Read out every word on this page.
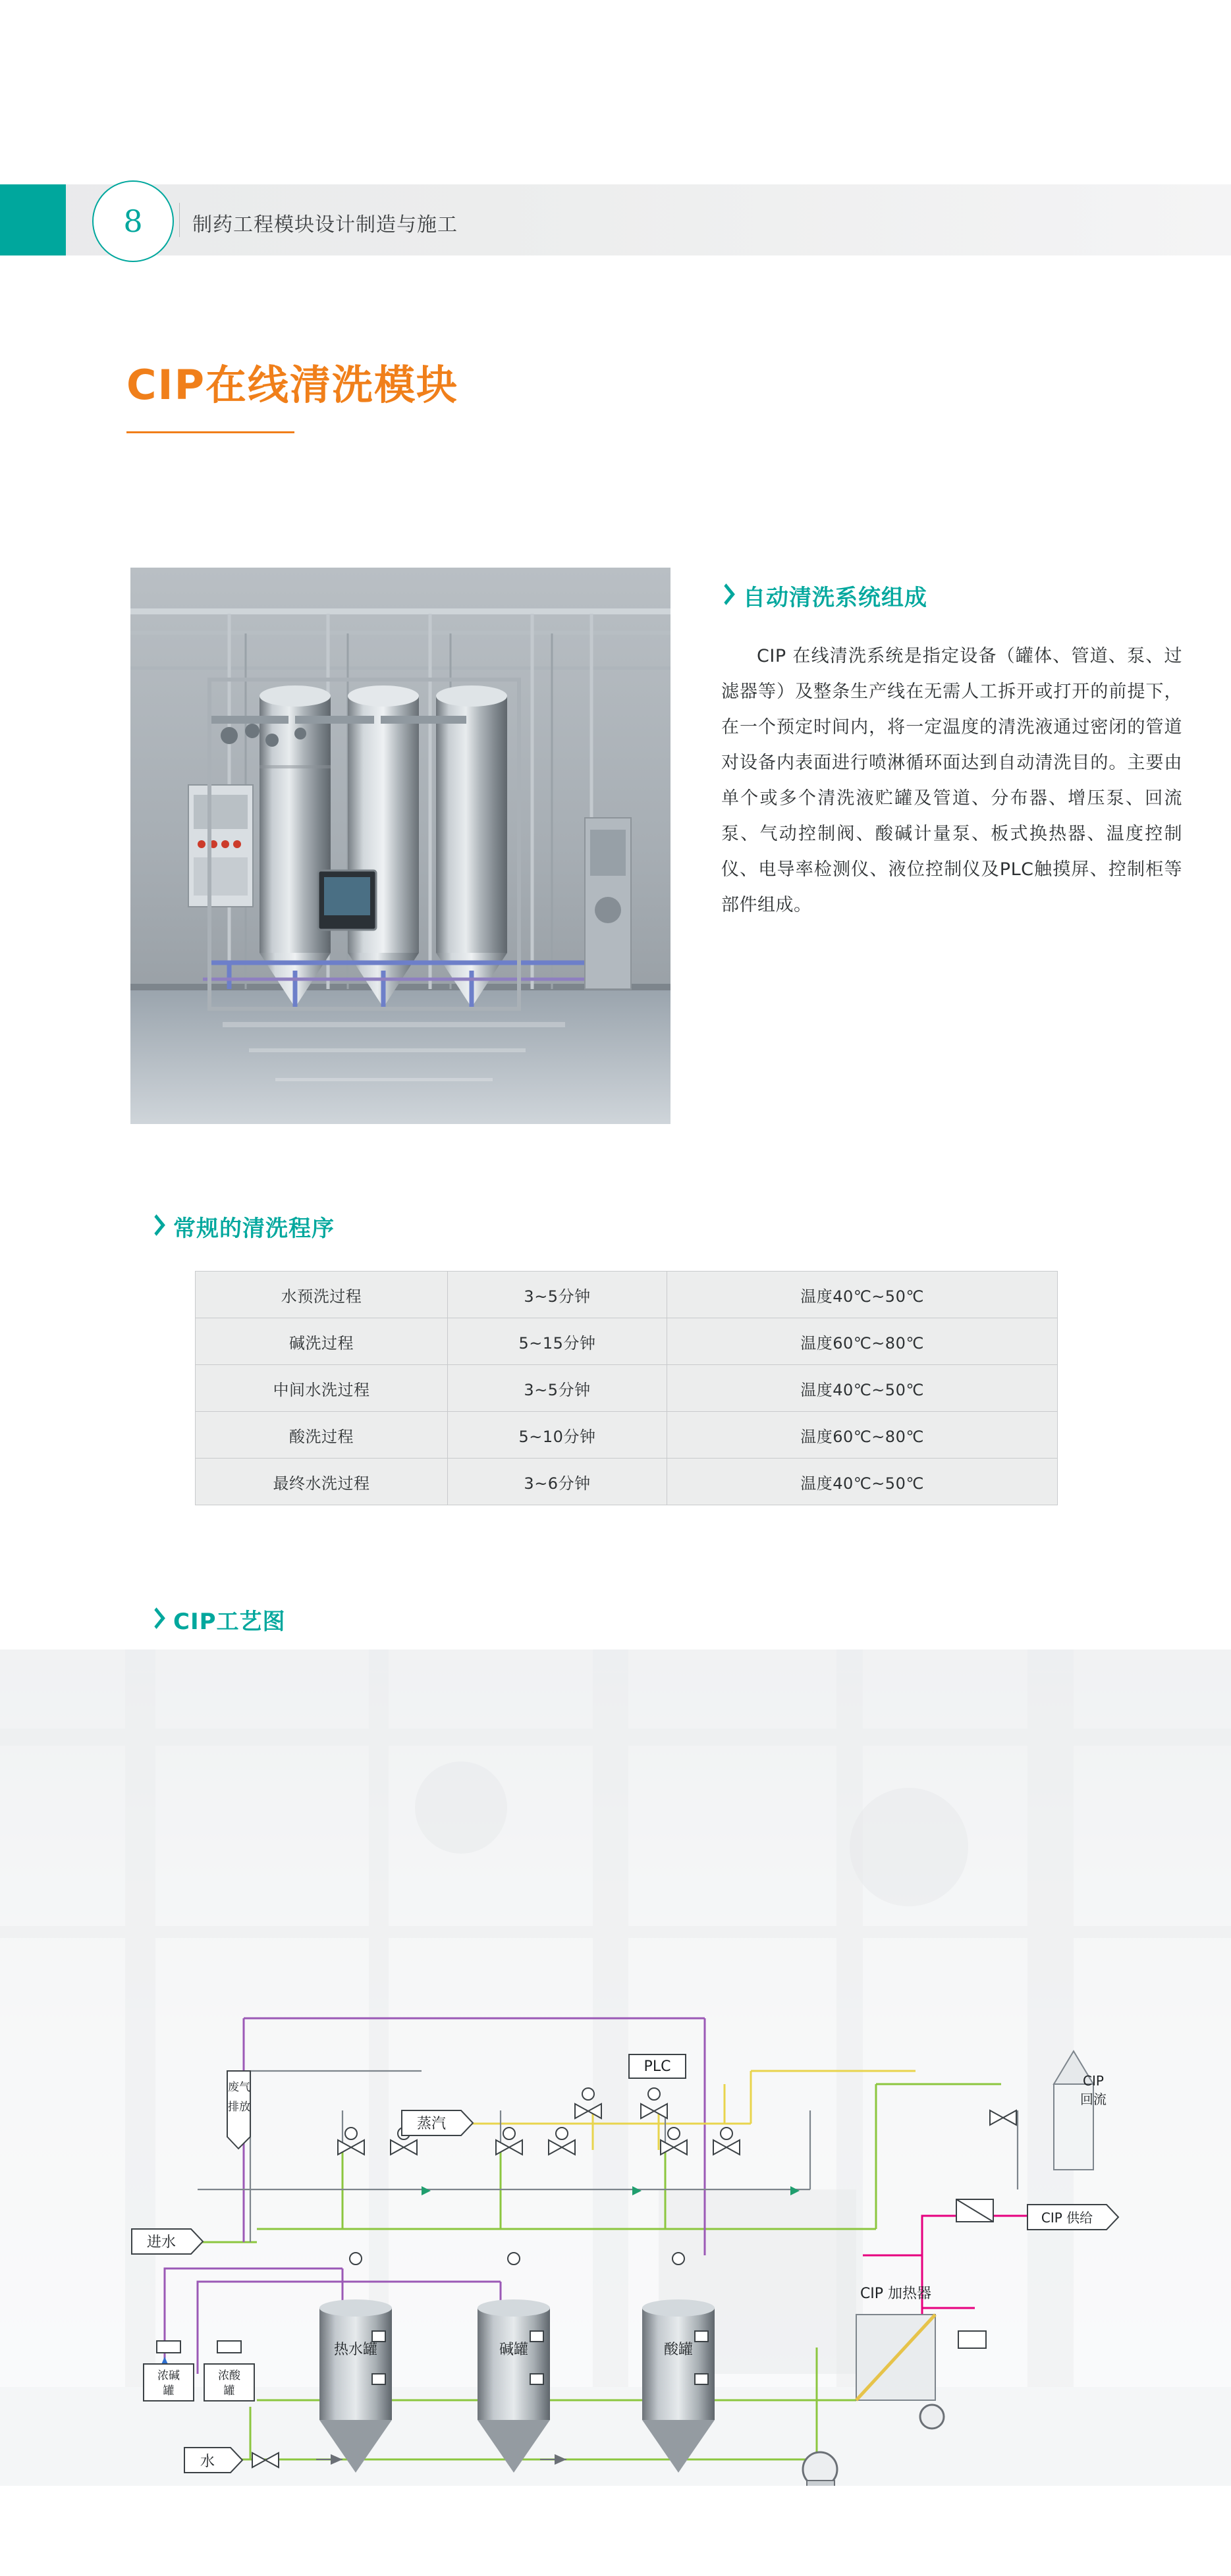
8	制药工程模块设计制造与施工
CIP在线清洗模块
自动清洗系统组成
CIP 在线清洗系统是指定设备（罐体、管道、泵、过滤器等）及整条生产线在无需人工拆开或打开的前提下，在一个预定时间内，将一定温度的清洗液通过密闭的管道对设备内表面进行喷淋循环面达到自动清洗目的。主要由单个或多个清洗液贮罐及管道、分布器、增压泵、回流泵、气动控制阀、酸碱计量泵、板式换热器、温度控制仪、电导率检测仪、液位控制仪及PLC触摸屏、控制柜等部件组成。
常规的清洗程序
水预洗过程	3~5分钟	温度40℃~50℃
碱洗过程	5~15分钟	温度60℃~80℃
中间水洗过程	3~5分钟	温度40℃~50℃
酸洗过程	5~10分钟	温度60℃~80℃
最终水洗过程	3~6分钟	温度40℃~50℃
CIP工艺图
热水罐	碱罐	酸罐
CIP 加热器
PLC
蒸汽
废气
排放
进水
CIP
回流
CIP 供给
浓碱
罐
浓酸
罐
水
